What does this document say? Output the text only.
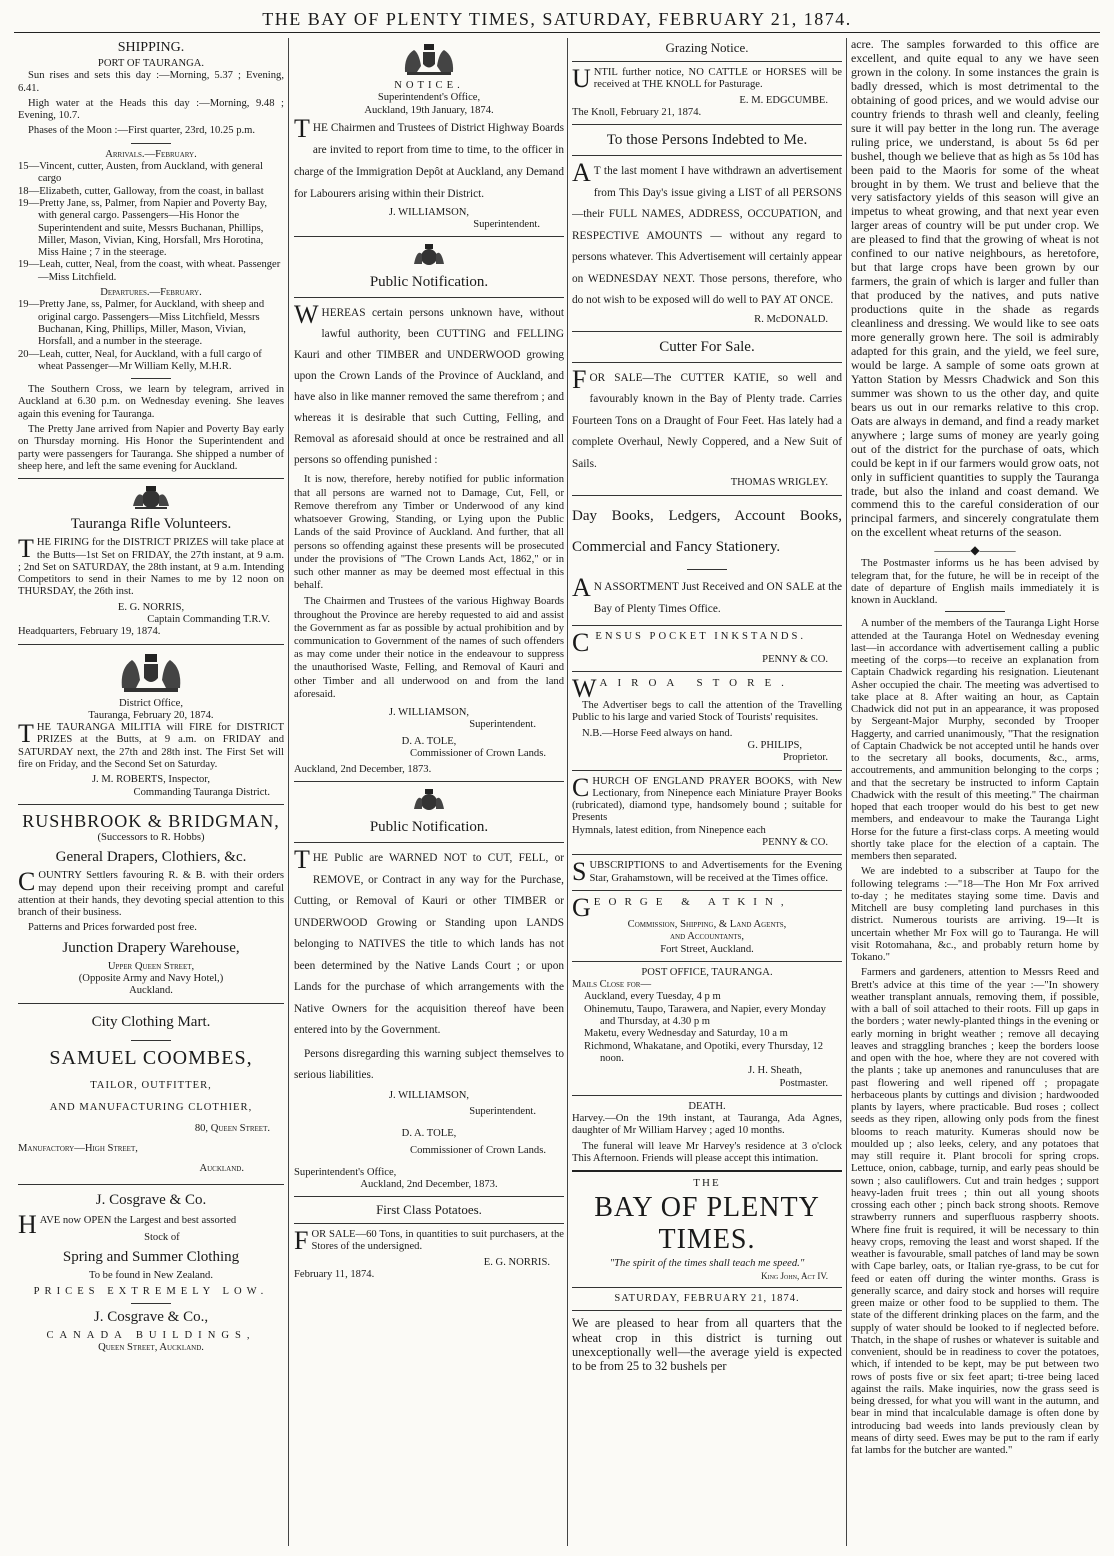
THE BAY OF PLENTY TIMES, SATURDAY, FEBRUARY 21, 1874.
SHIPPING.
PORT OF TAURANGA.

Sun rises and sets this day :—Morning, 5.37 ; Evening, 6.41.

High water at the Heads this day :—Morning, 9.48 ; Evening, 10.7.

Phases of the Moon :—First quarter, 23rd, 10.25 p.m.

Arrivals.—February.

15—Vincent, cutter, Austen, from Auckland, with general cargo

18—Elizabeth, cutter, Galloway, from the coast, in ballast

19—Pretty Jane, ss, Palmer, from Napier and Poverty Bay, with general cargo. Passengers—His Honor the Superintendent and suite, Messrs Buchanan, Phillips, Miller, Mason, Vivian, King, Horsfall, Mrs Horotina, Miss Haine ; 7 in the steerage.

19—Leah, cutter, Neal, from the coast, with wheat. Passenger—Miss Litchfield.

Departures.—February.

19—Pretty Jane, ss, Palmer, for Auckland, with sheep and original cargo. Passengers—Miss Litchfield, Messrs Buchanan, King, Phillips, Miller, Mason, Vivian, Horsfall, and a number in the steerage.

20—Leah, cutter, Neal, for Auckland, with a full cargo of wheat Passenger—Mr William Kelly, M.H.R.

The Southern Cross, we learn by telegram, arrived in Auckland at 6.30 p.m. on Wednesday evening. She leaves again this evening for Tauranga.

The Pretty Jane arrived from Napier and Poverty Bay early on Thursday morning. His Honor the Superintendent and party were passengers for Tauranga. She shipped a number of sheep here, and left the same evening for Auckland.

Tauranga Rifle Volunteers.

THE FIRING for the DISTRICT PRIZES will take place at the Butts—1st Set on FRIDAY, the 27th instant, at 9 a.m. ; 2nd Set on SATURDAY, the 28th instant, at 9 a.m. Intending Competitors to send in their Names to me by 12 noon on THURSDAY, the 26th inst.

E. G. NORRIS,
Captain Commanding T.R.V.
Headquarters, February 19, 1874.
District Office,
Tauranga, February 20, 1874.

THE TAURANGA MILITIA will FIRE for DISTRICT PRIZES at the Butts, at 9 a.m. on FRIDAY and SATURDAY next, the 27th and 28th inst. The First Set will fire on Friday, and the Second Set on Saturday.

J. M. ROBERTS, Inspector,
Commanding Tauranga District.
RUSHBROOK & BRIDGMAN,
(Successors to R. Hobbs)
General Drapers, Clothiers, &c.

COUNTRY Settlers favouring R. & B. with their orders may depend upon their receiving prompt and careful attention at their hands, they devoting special attention to this branch of their business.

Patterns and Prices forwarded post free.
Junction Drapery Warehouse,
Upper Queen Street,
(Opposite Army and Navy Hotel,)
Auckland.
City Clothing Mart.
SAMUEL COOMBES,
TAILOR, OUTFITTER,
AND MANUFACTURING CLOTHIER,
80, Queen Street.
Manufactory—High Street,
Auckland.
J. Cosgrave & Co.

HAVE now OPEN the Largest and best assorted

Stock of
Spring and Summer Clothing
To be found in New Zealand.
PRICES EXTREMELY LOW.
J. Cosgrave & Co.,
CANADA BUILDINGS,
Queen Street, Auckland.
NOTICE.
Superintendent's Office,
Auckland, 19th January, 1874.

THE Chairmen and Trustees of District Highway Boards are invited to report from time to time, to the officer in charge of the Immigration Depôt at Auckland, any Demand for Labourers arising within their District.

J. WILLIAMSON,
Superintendent.
Public Notification.

WHEREAS certain persons unknown have, without lawful authority, been CUTTING and FELLING Kauri and other TIMBER and UNDERWOOD growing upon the Crown Lands of the Province of Auckland, and have also in like manner removed the same therefrom ; and whereas it is desirable that such Cutting, Felling, and Removal as aforesaid should at once be restrained and all persons so offending punished :

It is now, therefore, hereby notified for public information that all persons are warned not to Damage, Cut, Fell, or Remove therefrom any Timber or Underwood of any kind whatsoever Growing, Standing, or Lying upon the Public Lands of the said Province of Auckland. And further, that all persons so offending against these presents will be prosecuted under the provisions of "The Crown Lands Act, 1862," or in such other manner as may be deemed most effectual in this behalf.

The Chairmen and Trustees of the various Highway Boards throughout the Province are hereby requested to aid and assist the Government as far as possible by actual prohibition and by communication to Government of the names of such offenders as may come under their notice in the endeavour to suppress the unauthorised Waste, Felling, and Removal of Kauri and other Timber and all underwood on and from the land aforesaid.

J. WILLIAMSON,
Superintendent.
D. A. TOLE,
Commissioner of Crown Lands.
Auckland, 2nd December, 1873.
Public Notification.

THE Public are WARNED NOT to CUT, FELL, or REMOVE, or Contract in any way for the Purchase, Cutting, or Removal of Kauri or other TIMBER or UNDERWOOD Growing or Standing upon LANDS belonging to NATIVES the title to which lands has not been determined by the Native Lands Court ; or upon Lands for the purchase of which arrangements with the Native Owners for the acquisition thereof have been entered into by the Government.

Persons disregarding this warning subject themselves to serious liabilities.

J. WILLIAMSON,
Superintendent.
D. A. TOLE,
Commissioner of Crown Lands.
Superintendent's Office,
Auckland, 2nd December, 1873.
First Class Potatoes.

FOR SALE—60 Tons, in quantities to suit purchasers, at the Stores of the undersigned.

E. G. NORRIS.
February 11, 1874.
Grazing Notice.

UNTIL further notice, NO CATTLE or HORSES will be received at THE KNOLL for Pasturage.

E. M. EDGCUMBE.
The Knoll, February 21, 1874.
To those Persons Indebted to Me.

A T the last moment I have withdrawn an advertisement from This Day's issue giving a LIST of all PERSONS—their FULL NAMES, ADDRESS, OCCUPATION, and RESPECTIVE AMOUNTS — without any regard to persons whatever. This Advertisement will certainly appear on WEDNESDAY NEXT. Those persons, therefore, who do not wish to be exposed will do well to PAY AT ONCE.

R. McDONALD.
Cutter For Sale.

FOR SALE—The CUTTER KATIE, so well and favourably known in the Bay of Plenty trade. Carries Fourteen Tons on a Draught of Four Feet. Has lately had a complete Overhaul, Newly Coppered, and a New Suit of Sails.

THOMAS WRIGLEY.
Day Books, Ledgers, Account Books, Commercial and Fancy Stationery.

A N ASSORTMENT Just Received and ON SALE at the Bay of Plenty Times Office.

CENSUS POCKET INKSTANDS.
PENNY & CO.
WAIROA STORE.

The Advertiser begs to call the attention of the Travelling Public to his large and varied Stock of Tourists' requisites.

N.B.—Horse Feed always on hand.
G. PHILIPS,
Proprietor.

CHURCH OF ENGLAND PRAYER BOOKS, with New Lectionary, from Ninepence each Miniature Prayer Books (rubricated), diamond type, handsomely bound ; suitable for Presents

Hymnals, latest edition, from Ninepence each
PENNY & CO.

SUBSCRIPTIONS to and Advertisements for the Evening Star, Grahamstown, will be received at the Times office.

GEORGE & ATKIN,
Commission, Shipping, & Land Agents,
and Accountants,
Fort Street, Auckland.
POST OFFICE, TAURANGA.
Mails Close for—

Auckland, every Tuesday, 4 p m

Ohinemutu, Taupo, Tarawera, and Napier, every Monday and Thursday, at 4.30 p m

Maketu, every Wednesday and Saturday, 10 a m

Richmond, Whakatane, and Opotiki, every Thursday, 12 noon.

J. H. Sheath,
Postmaster.
DEATH.

Harvey.—On the 19th instant, at Tauranga, Ada Agnes, daughter of Mr William Harvey ; aged 10 months.

The funeral will leave Mr Harvey's residence at 3 o'clock This Afternoon. Friends will please accept this intimation.

THE
BAY OF PLENTY TIMES.
"The spirit of the times shall teach me speed."
King John, Act IV.
SATURDAY, FEBRUARY 21, 1874.

We are pleased to hear from all quarters that the wheat crop in this district is turning out unexceptionally well—the average yield is expected to be from 25 to 32 bushels per

acre. The samples forwarded to this office are excellent, and quite equal to any we have seen grown in the colony. In some instances the grain is badly dressed, which is most detrimental to the obtaining of good prices, and we would advise our country friends to thrash well and cleanly, feeling sure it will pay better in the long run. The average ruling price, we understand, is about 5s 6d per bushel, though we believe that as high as 5s 10d has been paid to the Maoris for some of the wheat brought in by them. We trust and believe that the very satisfactory yields of this season will give an impetus to wheat growing, and that next year even larger areas of country will be put under crop. We are pleased to find that the growing of wheat is not confined to our native neighbours, as heretofore, but that large crops have been grown by our farmers, the grain of which is larger and fuller than that produced by the natives, and puts native productions quite in the shade as regards cleanliness and dressing. We would like to see oats more generally grown here. The soil is admirably adapted for this grain, and the yield, we feel sure, would be large. A sample of some oats grown at Yatton Station by Messrs Chadwick and Son this summer was shown to us the other day, and quite bears us out in our remarks relative to this crop. Oats are always in demand, and find a ready market anywhere ; large sums of money are yearly going out of the district for the purchase of oats, which could be kept in if our farmers would grow oats, not only in sufficient quantities to supply the Tauranga trade, but also the inland and coast demand. We commend this to the careful consideration of our principal farmers, and sincerely congratulate them on the excellent wheat returns of the season.

———◆———

The Postmaster informs us he has been advised by telegram that, for the future, he will be in receipt of the date of departure of English mails immediately it is known in Auckland.

A number of the members of the Tauranga Light Horse attended at the Tauranga Hotel on Wednesday evening last—in accordance with advertisement calling a public meeting of the corps—to receive an explanation from Captain Chadwick regarding his resignation. Lieutenant Asher occupied the chair. The meeting was advertised to take place at 8. After waiting an hour, as Captain Chadwick did not put in an appearance, it was proposed by Sergeant-Major Murphy, seconded by Trooper Haggerty, and carried unanimously, "That the resignation of Captain Chadwick be not accepted until he hands over to the secretary all books, documents, &c., arms, accoutrements, and ammunition belonging to the corps ; and that the secretary be instructed to inform Captain Chadwick with the result of this meeting." The chairman hoped that each trooper would do his best to get new members, and endeavour to make the Tauranga Light Horse for the future a first-class corps. A meeting would shortly take place for the election of a captain. The members then separated.

We are indebted to a subscriber at Taupo for the following telegrams :—"18—The Hon Mr Fox arrived to-day ; he meditates staying some time. Davis and Mitchell are busy completing land purchases in this district. Numerous tourists are arriving. 19—It is uncertain whether Mr Fox will go to Tauranga. He will visit Rotomahana, &c., and probably return home by Tokano."

Farmers and gardeners, attention to Messrs Reed and Brett's advice at this time of the year :—"In showery weather transplant annuals, removing them, if possible, with a ball of soil attached to their roots. Fill up gaps in the borders ; water newly-planted things in the evening or early morning in bright weather ; remove all decaying leaves and straggling branches ; keep the borders loose and open with the hoe, where they are not covered with the plants ; take up anemones and ranunculuses that are past flowering and well ripened off ; propagate herbaceous plants by cuttings and division ; hardwooded plants by layers, where practicable. Bud roses ; collect seeds as they ripen, allowing only pods from the finest blooms to reach maturity. Kumeras should now be moulded up ; also leeks, celery, and any potatoes that may still require it. Plant brocoli for spring crops. Lettuce, onion, cabbage, turnip, and early peas should be sown ; also cauliflowers. Cut and train hedges ; support heavy-laden fruit trees ; thin out all young shoots crossing each other ; pinch back strong shoots. Remove strawberry runners and superfluous raspberry shoots. Where fine fruit is required, it will be necessary to thin heavy crops, removing the least and worst shaped. If the weather is favourable, small patches of land may be sown with Cape barley, oats, or Italian rye-grass, to be cut for feed or eaten off during the winter months. Grass is generally scarce, and dairy stock and horses will require green maize or other food to be supplied to them. The state of the different drinking places on the farm, and the supply of water should be looked to if neglected before. Thatch, in the shape of rushes or whatever is suitable and convenient, should be in readiness to cover the potatoes, which, if intended to be kept, may be put between two rows of posts five or six feet apart; ti-tree being laced against the rails. Make inquiries, now the grass seed is being dressed, for what you will want in the autumn, and bear in mind that incalculable damage is often done by introducing bad weeds into lands previously clean by means of dirty seed. Ewes may be put to the ram if early fat lambs for the butcher are wanted."
